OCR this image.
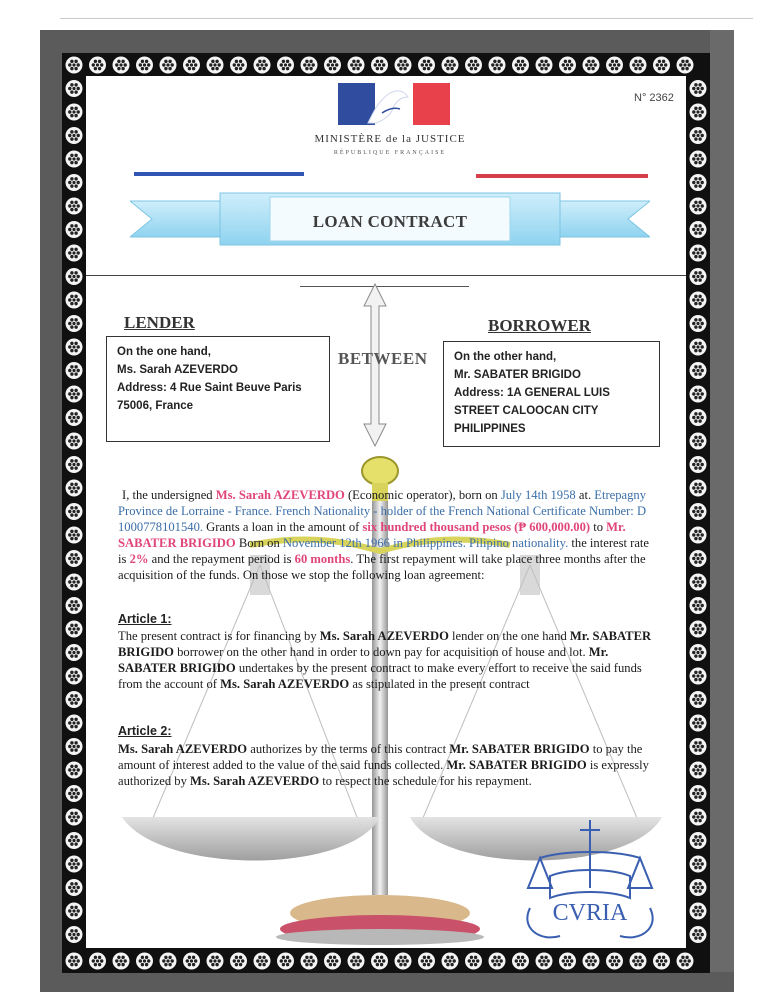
N° 2362
MINISTÈRE de la JUSTICE
RÉPUBLIQUE FRANÇAISE
LOAN CONTRACT
LENDER	BORROWER
BETWEEN
On the one hand,
Ms. Sarah AZEVERDO
Address: 4 Rue Saint Beuve Paris
75006, France
On the other hand,
Mr. SABATER BRIGIDO
Address: 1A GENERAL LUIS
STREET CALOOCAN CITY
PHILIPPINES
I, the undersigned Ms. Sarah AZEVERDO (Economic operator), born on July 14th 1958 at. Etrepagny Province de Lorraine - France. French Nationality - holder of the French National Certificate Number: D 1000778101540. Grants a loan in the amount of six hundred thousand pesos (₱ 600,000.00) to Mr. SABATER BRIGIDO Born on November 12th 1966 in Philippines. Pilipino nationality. the interest rate is 2% and the repayment period is 60 months. The first repayment will take place three months after the acquisition of the funds. On those we stop the following loan agreement:
Article 1:
The present contract is for financing by Ms. Sarah AZEVERDO lender on the one hand Mr. SABATER BRIGIDO borrower on the other hand in order to down pay for acquisition of house and lot. Mr. SABATER BRIGIDO undertakes by the present contract to make every effort to receive the said funds from the account of Ms. Sarah AZEVERDO as stipulated in the present contract
Article 2:
Ms. Sarah AZEVERDO authorizes by the terms of this contract Mr. SABATER BRIGIDO to pay the amount of interest added to the value of the said funds collected. Mr. SABATER BRIGIDO is expressly authorized by Ms. Sarah AZEVERDO to respect the schedule for his repayment.
CVRIA
